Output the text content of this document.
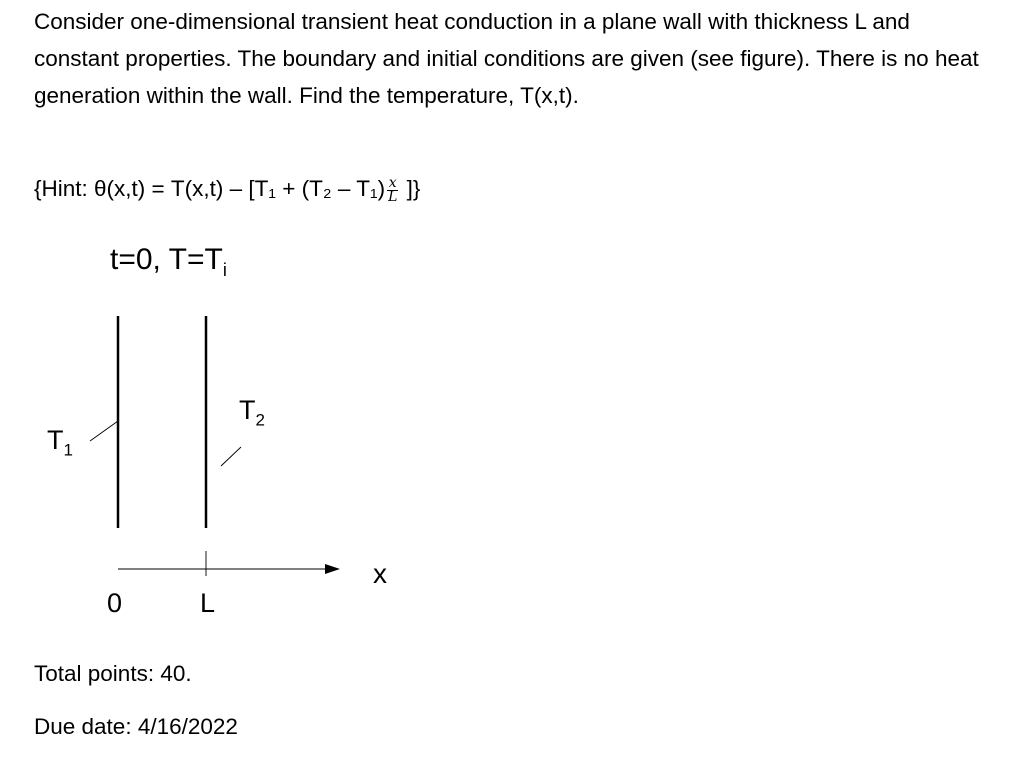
Consider one-dimensional transient heat conduction in a plane wall with thickness L and constant properties. The boundary and initial conditions are given (see figure). There is no heat generation within the wall. Find the temperature, T(x,t).

{Hint: $\theta(x,t) = T(x,t) - [T_1 + (T_2 - T_1) \frac{x}{L}$ ]}
t=0, $T=T_i$
$T_1$
$T_2$
x
0	L
Total points: 40.
Due date: 4/16/2022
